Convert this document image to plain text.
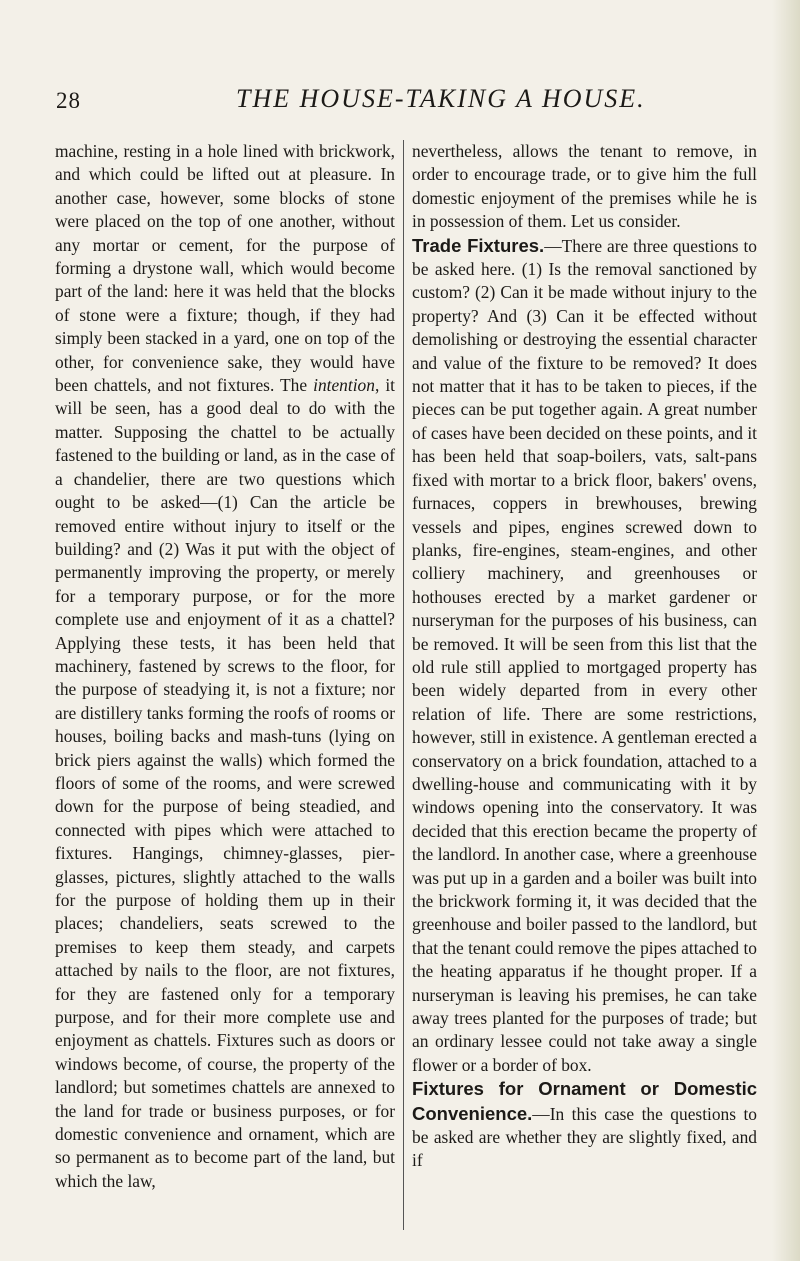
28	THE HOUSE-TAKING A HOUSE.

machine, resting in a hole lined with brickwork, and which could be lifted out at pleasure. In another case, however, some blocks of stone were placed on the top of one another, without any mortar or cement, for the purpose of forming a drystone wall, which would become part of the land: here it was held that the blocks of stone were a fixture; though, if they had simply been stacked in a yard, one on top of the other, for convenience sake, they would have been chattels, and not fixtures. The intention, it will be seen, has a good deal to do with the matter. Supposing the chattel to be actually fastened to the building or land, as in the case of a chandelier, there are two questions which ought to be asked—(1) Can the article be removed entire without injury to itself or the building? and (2) Was it put with the object of permanently improving the property, or merely for a temporary purpose, or for the more complete use and enjoyment of it as a chattel? Applying these tests, it has been held that machinery, fastened by screws to the floor, for the purpose of steadying it, is not a fixture; nor are distillery tanks forming the roofs of rooms or houses, boiling backs and mash-tuns (lying on brick piers against the walls) which formed the floors of some of the rooms, and were screwed down for the purpose of being steadied, and connected with pipes which were attached to fixtures. Hangings, chimney-glasses, pier-glasses, pictures, slightly attached to the walls for the purpose of holding them up in their places; chandeliers, seats screwed to the premises to keep them steady, and carpets attached by nails to the floor, are not fixtures, for they are fastened only for a temporary purpose, and for their more complete use and enjoyment as chattels. Fixtures such as doors or windows become, of course, the property of the landlord; but sometimes chattels are annexed to the land for trade or business purposes, or for domestic convenience and ornament, which are so permanent as to become part of the land, but which the law,

nevertheless, allows the tenant to remove, in order to encourage trade, or to give him the full domestic enjoyment of the premises while he is in possession of them. Let us consider.

Trade Fixtures.—There are three questions to be asked here. (1) Is the removal sanctioned by custom? (2) Can it be made without injury to the property? And (3) Can it be effected without demolishing or destroying the essential character and value of the fixture to be removed? It does not matter that it has to be taken to pieces, if the pieces can be put together again. A great number of cases have been decided on these points, and it has been held that soap-boilers, vats, salt-pans fixed with mortar to a brick floor, bakers' ovens, furnaces, coppers in brewhouses, brewing vessels and pipes, engines screwed down to planks, fire-engines, steam-engines, and other colliery machinery, and greenhouses or hothouses erected by a market gardener or nurseryman for the purposes of his business, can be removed. It will be seen from this list that the old rule still applied to mortgaged property has been widely departed from in every other relation of life. There are some restrictions, however, still in existence. A gentleman erected a conservatory on a brick foundation, attached to a dwelling-house and communicating with it by windows opening into the conservatory. It was decided that this erection became the property of the landlord. In another case, where a greenhouse was put up in a garden and a boiler was built into the brickwork forming it, it was decided that the greenhouse and boiler passed to the landlord, but that the tenant could remove the pipes attached to the heating apparatus if he thought proper. If a nurseryman is leaving his premises, he can take away trees planted for the purposes of trade; but an ordinary lessee could not take away a single flower or a border of box.

Fixtures for Ornament or Domestic Convenience.—In this case the questions to be asked are whether they are slightly fixed, and if
